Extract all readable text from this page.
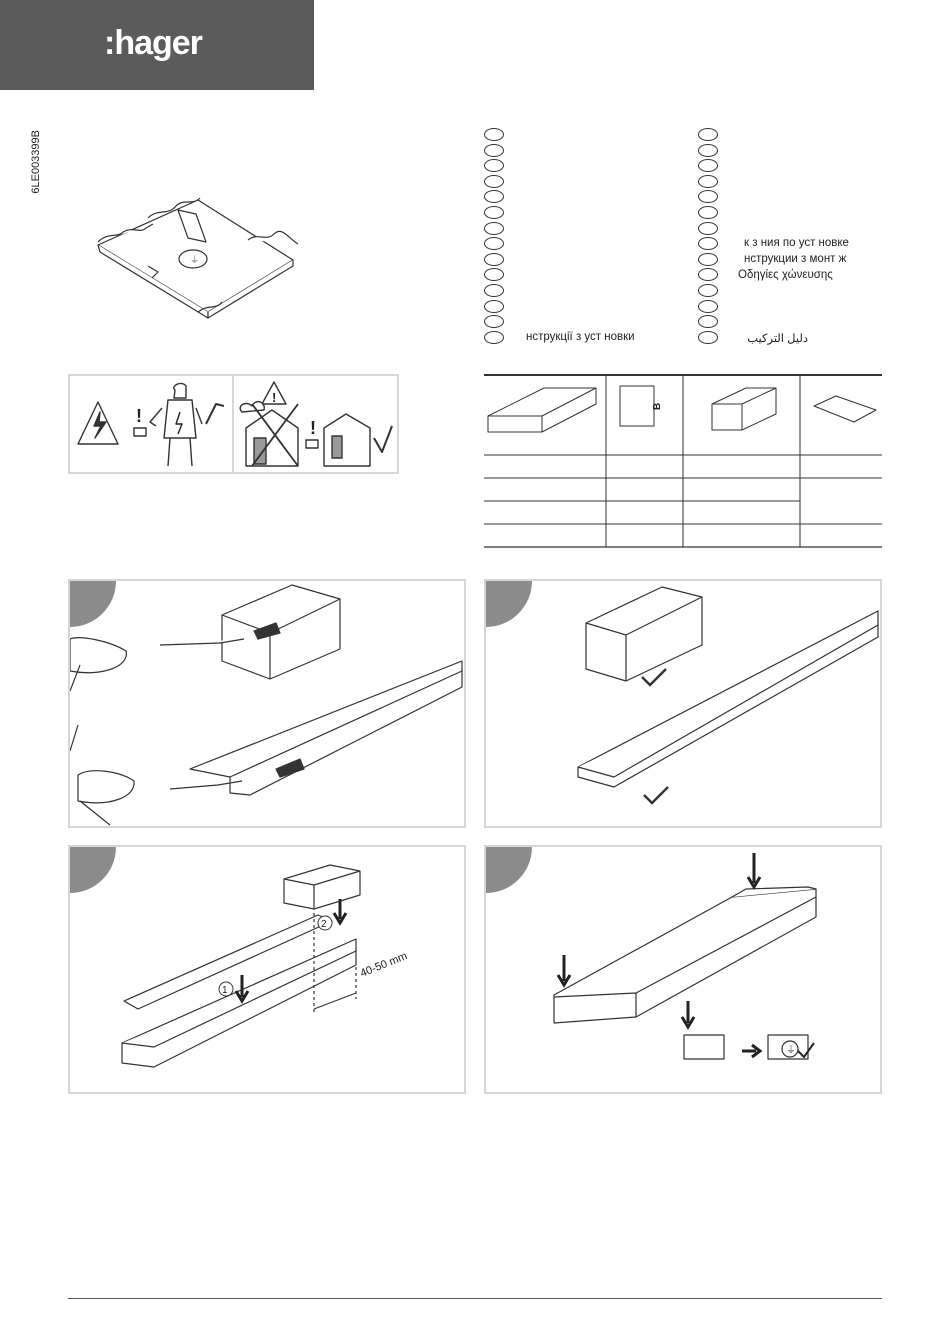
:hager
6LE003399B
⏚
нструкції з уст новки
к з ния по уст новке
нструкции з монт ж
Οδηγίες χώνευσης
دليل التركيب
!
!
!
B
2
1
40-50 mm
⏚
